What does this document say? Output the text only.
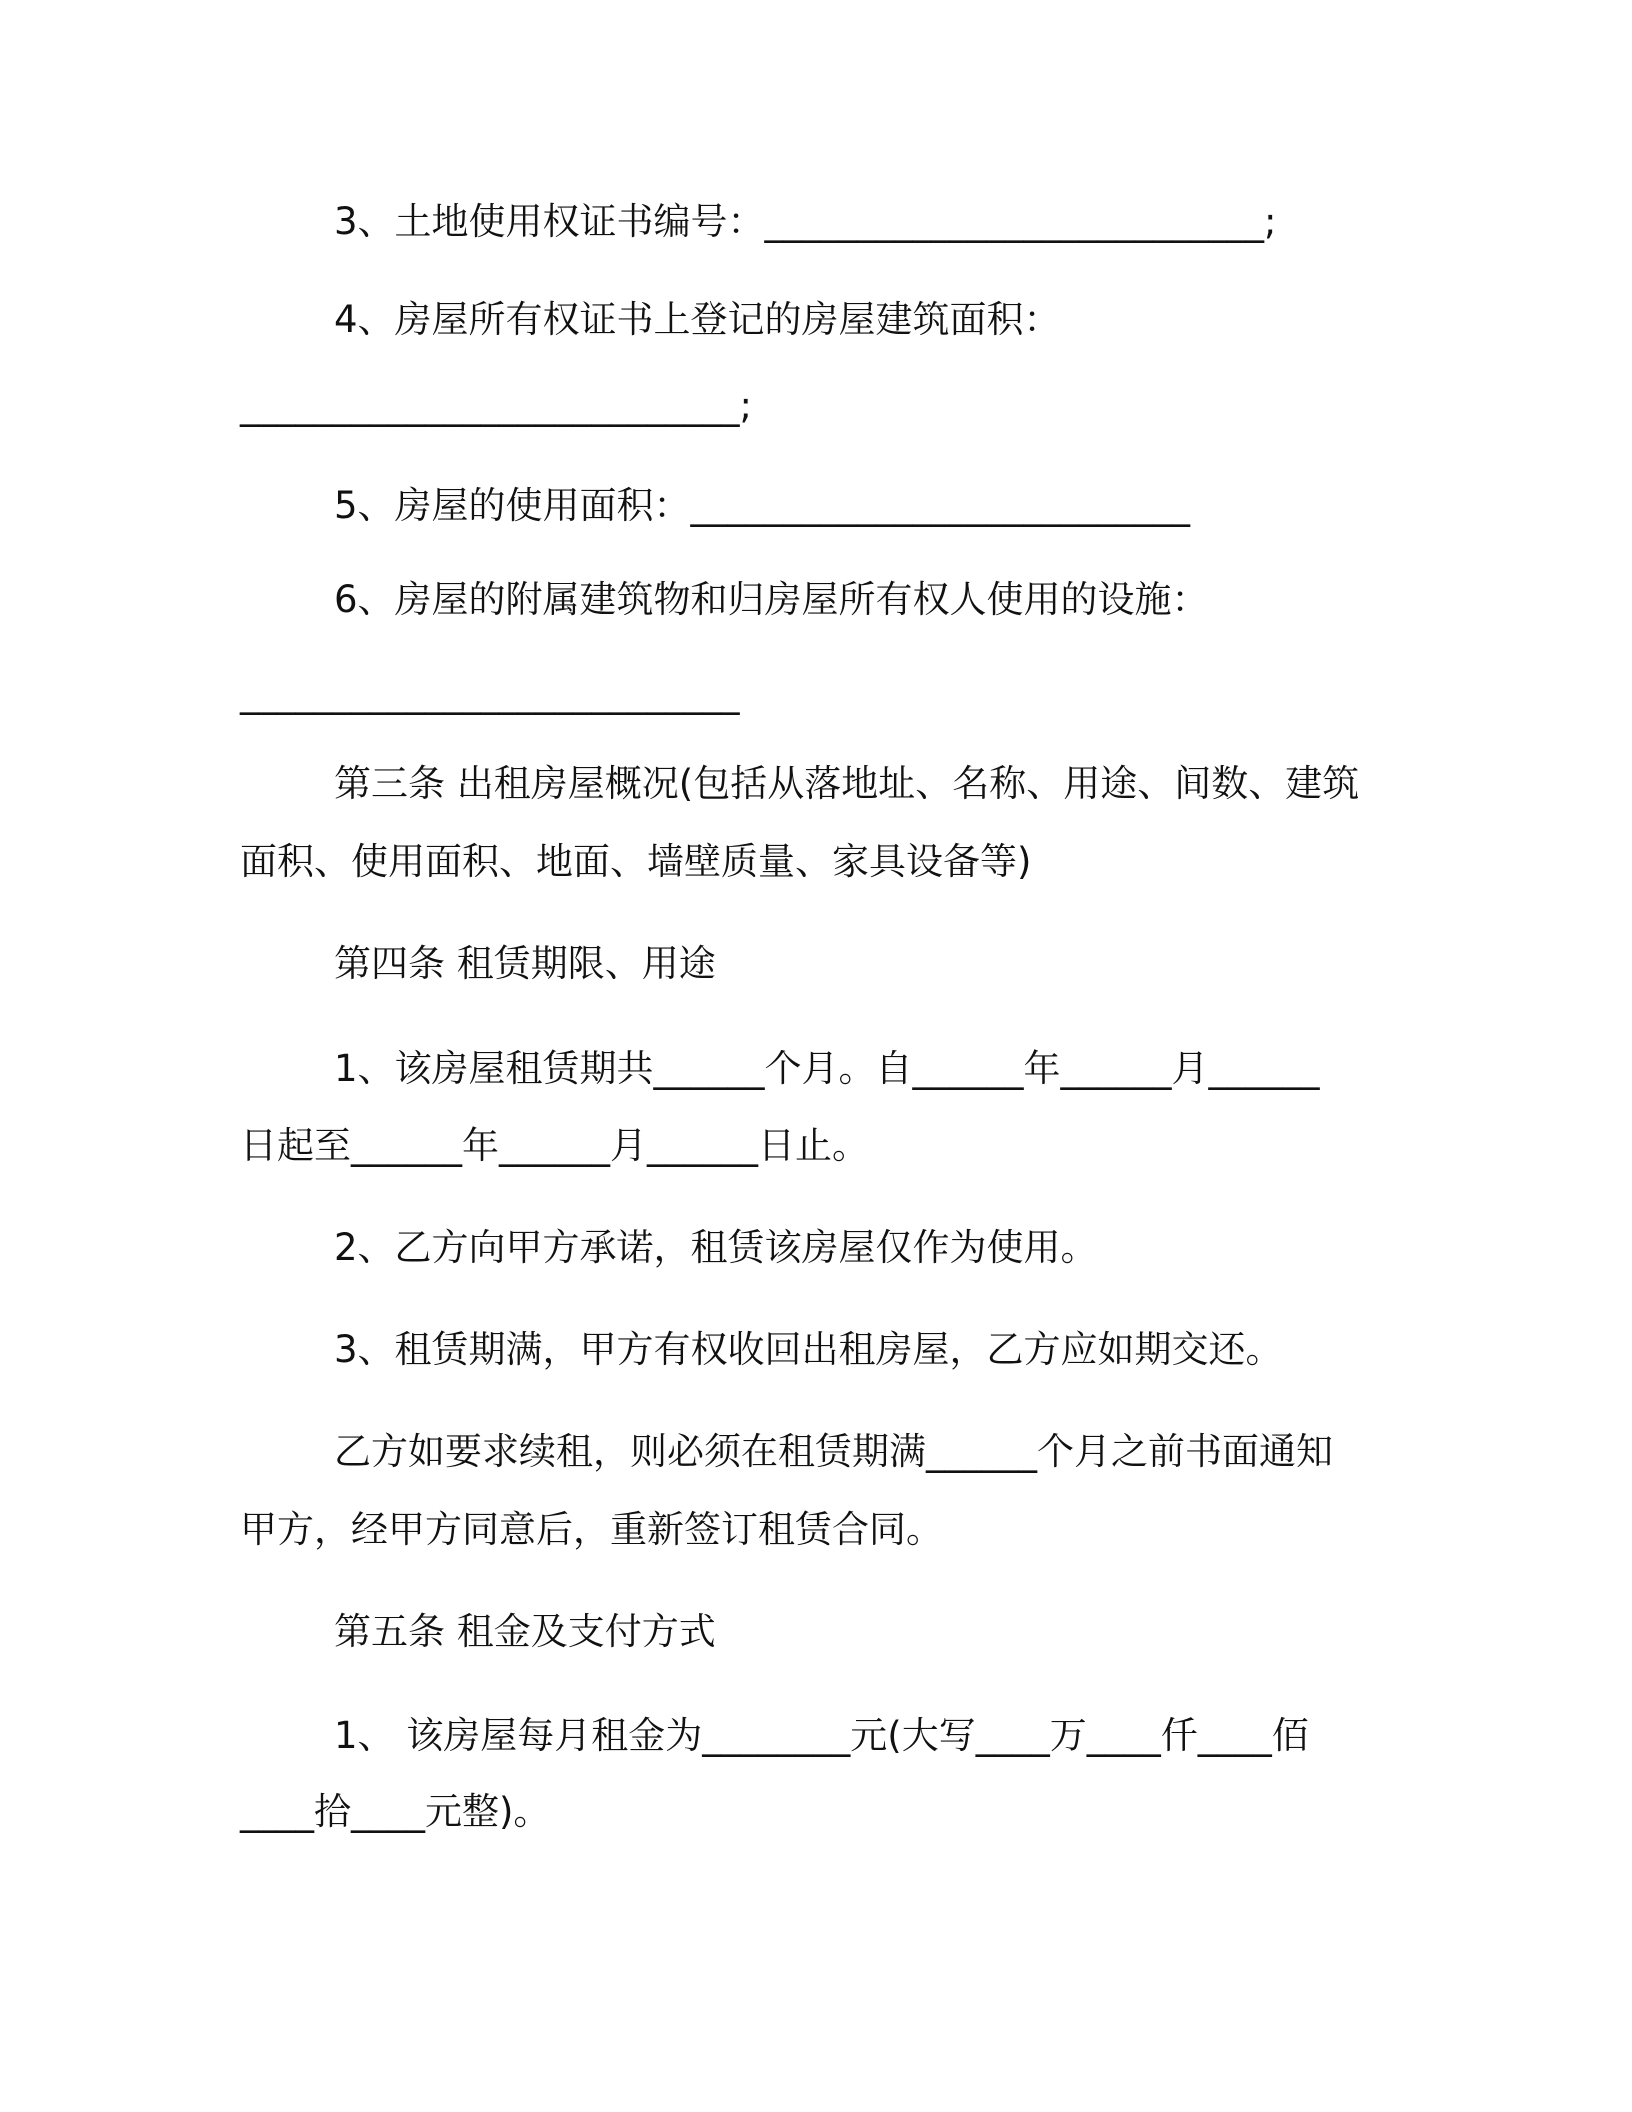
3、土地使用权证书编号：___________________________;

4、房屋所有权证书上登记的房屋建筑面积：

___________________________;

5、房屋的使用面积：___________________________

6、房屋的附属建筑物和归房屋所有权人使用的设施：

___________________________

第三条 出租房屋概况(包括从落地址、名称、用途、间数、建筑

面积、使用面积、地面、墙壁质量、家具设备等)

第四条 租赁期限、用途

1、该房屋租赁期共______个月。自______年______月______

日起至______年______月______日止。

2、乙方向甲方承诺，租赁该房屋仅作为使用。

3、租赁期满，甲方有权收回出租房屋，乙方应如期交还。

乙方如要求续租，则必须在租赁期满______个月之前书面通知

甲方，经甲方同意后，重新签订租赁合同。

第五条 租金及支付方式

1、 该房屋每月租金为________元(大写____万____仟____佰

____拾____元整)。
